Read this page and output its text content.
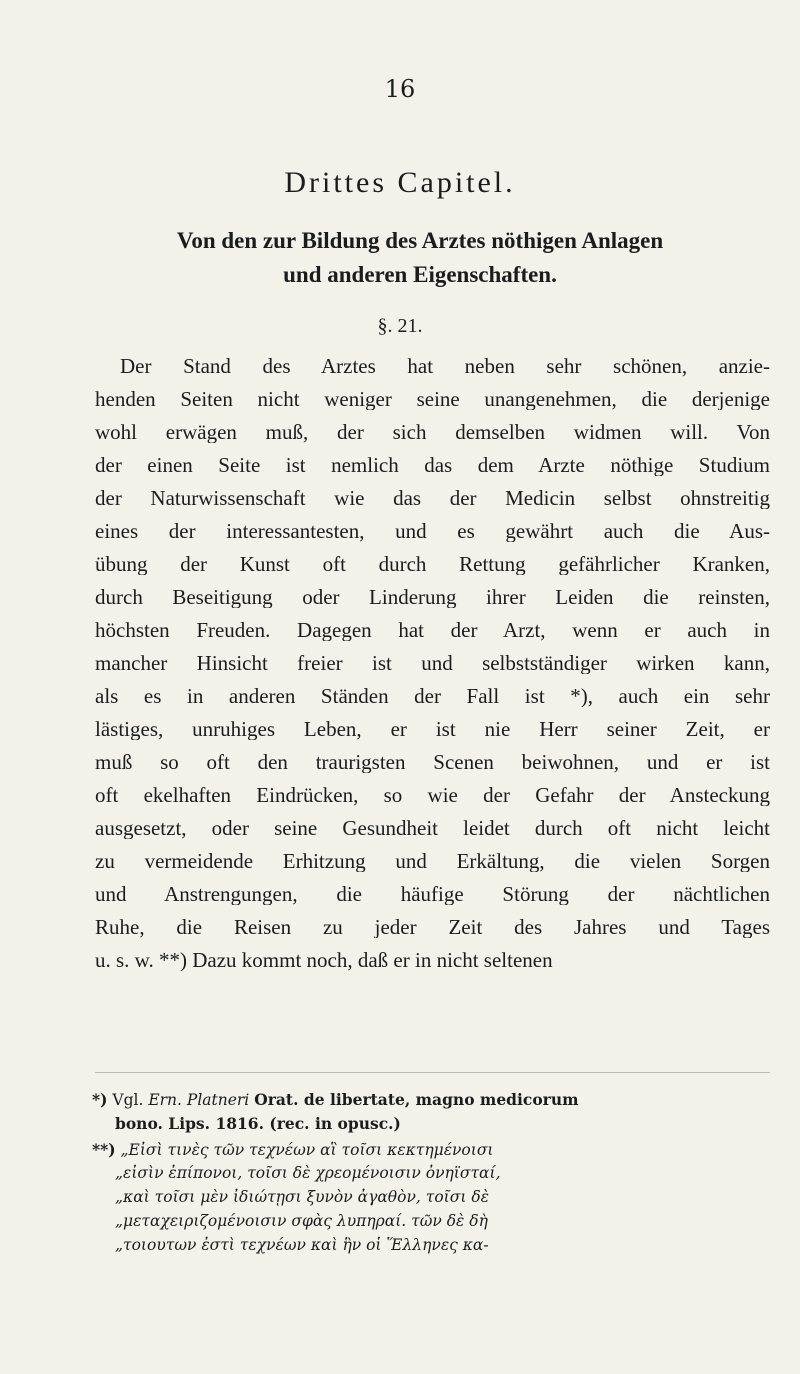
16
Drittes Capitel.
Von den zur Bildung des Arztes nöthigen Anlagen
und anderen Eigenschaften.
§. 21.
Der Stand des Arztes hat neben sehr schönen, anzie-
henden Seiten nicht weniger seine unangenehmen, die derjenige
wohl erwägen muß, der sich demselben widmen will. Von
der einen Seite ist nemlich das dem Arzte nöthige Studium
der Naturwissenschaft wie das der Medicin selbst ohnstreitig
eines der interessantesten, und es gewährt auch die Aus-
übung der Kunst oft durch Rettung gefährlicher Kranken,
durch Beseitigung oder Linderung ihrer Leiden die reinsten,
höchsten Freuden. Dagegen hat der Arzt, wenn er auch in
mancher Hinsicht freier ist und selbstständiger wirken kann,
als es in anderen Ständen der Fall ist *), auch ein sehr
lästiges, unruhiges Leben, er ist nie Herr seiner Zeit, er
muß so oft den traurigsten Scenen beiwohnen, und er ist
oft ekelhaften Eindrücken, so wie der Gefahr der Ansteckung
ausgesetzt, oder seine Gesundheit leidet durch oft nicht leicht
zu vermeidende Erhitzung und Erkältung, die vielen Sorgen
und Anstrengungen, die häufige Störung der nächtlichen
Ruhe, die Reisen zu jeder Zeit des Jahres und Tages
u. s. w. **) Dazu kommt noch, daß er in nicht seltenen
*) Vgl. Ern. Platneri Orat. de libertate, magno medicorum
bono. Lips. 1816. (rec. in opusc.)
**) „Εἰσὶ τινὲς τῶν τεχνέων αἳ τοῖσι κεκτημένοισι
„εἰσὶν ἐπίπονοι, τοῖσι δὲ χρεομένοισιν ὀνηϊσταί,
„καὶ τοῖσι μὲν ἰδιώτῃσι ξυνὸν ἀγαθὸν, τοῖσι δὲ
„μεταχειριζομένοισιν σφὰς λυπηραί. τῶν δὲ δὴ
„τοιουτων ἐστὶ τεχνέων καὶ ἣν οἱ Ἕλληνες κα-
